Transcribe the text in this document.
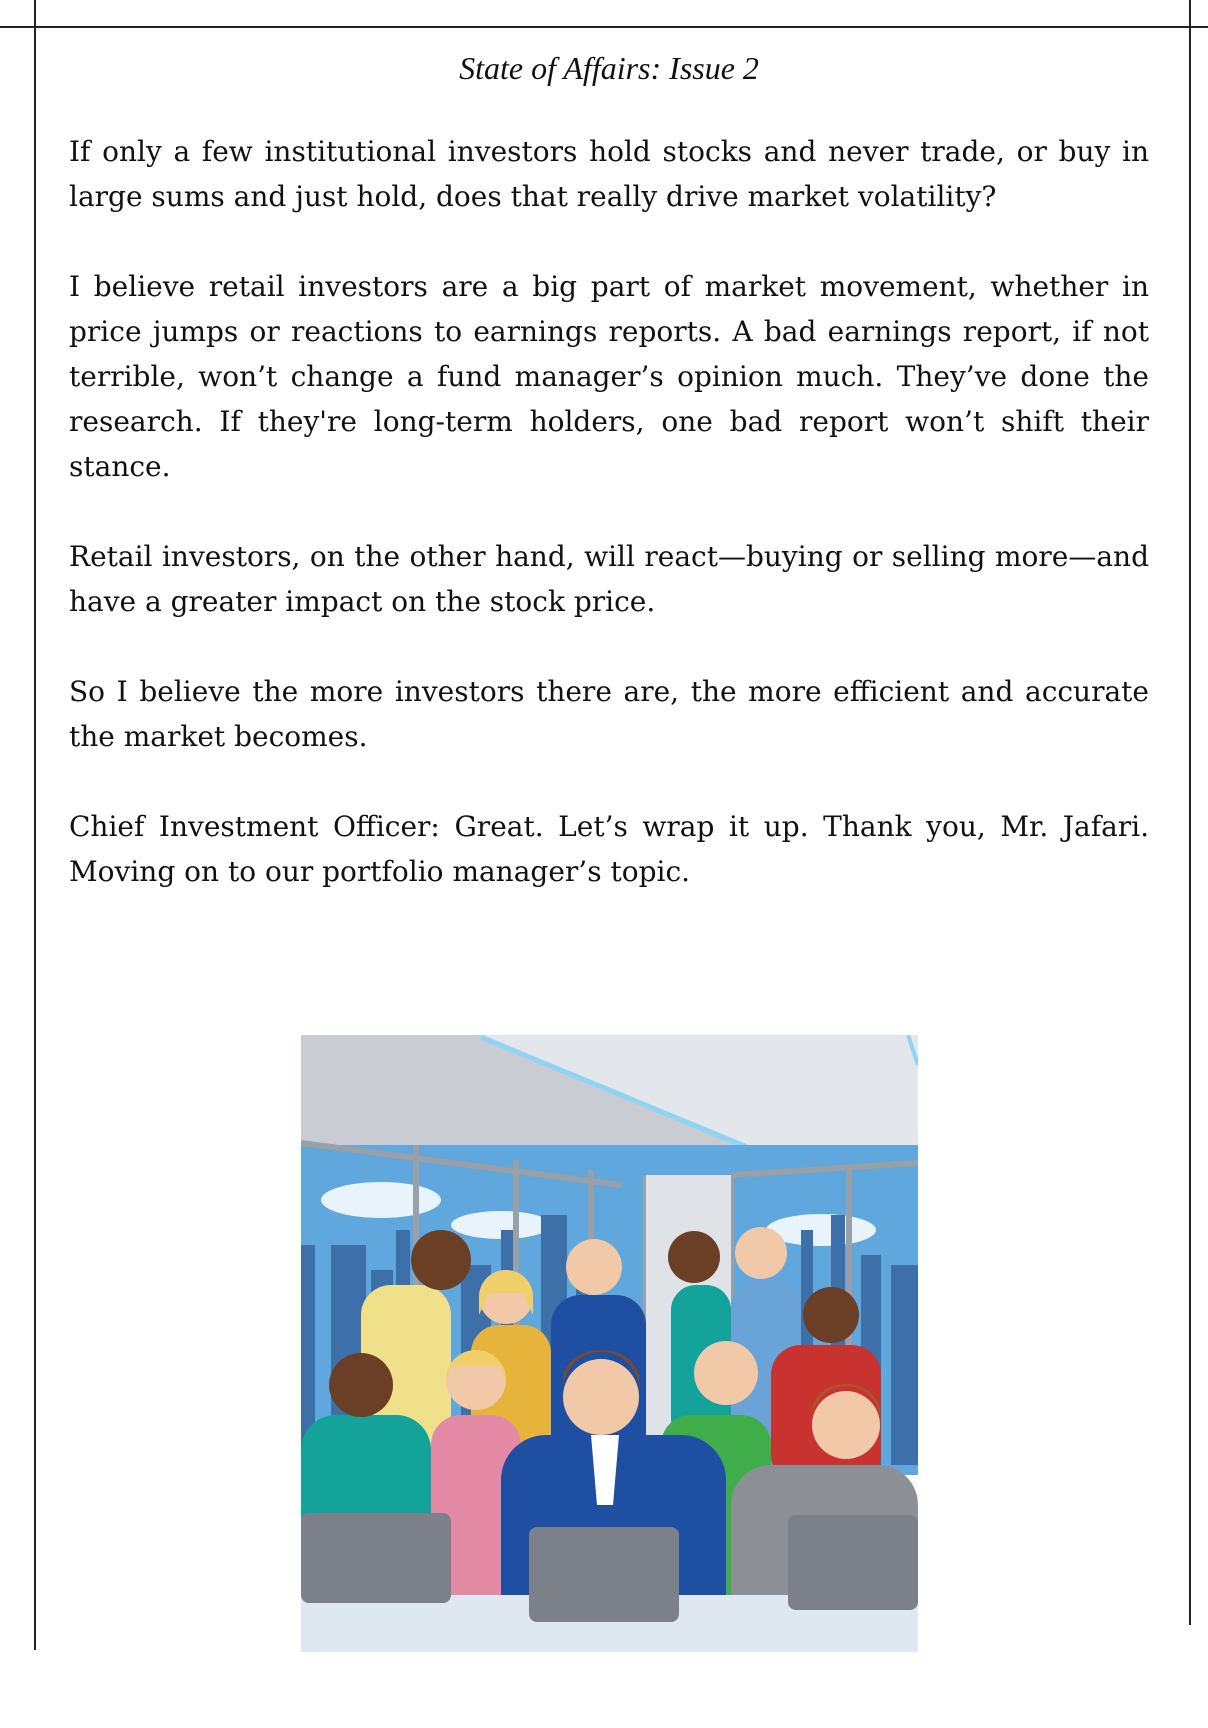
State of Affairs: Issue 2

If only a few institutional investors hold stocks and never trade, or buy in large sums and just hold, does that really drive market volatility?

I believe retail investors are a big part of market movement, whether in price jumps or reactions to earnings reports. A bad earnings report, if not terrible, won’t change a fund manager’s opinion much. They’ve done the research. If they're long-term holders, one bad report won’t shift their stance.

Retail investors, on the other hand, will react—buying or selling more—and have a greater impact on the stock price.

So I believe the more investors there are, the more efficient and accurate the market becomes.

Chief Investment Officer: Great. Let’s wrap it up. Thank you, Mr. Jafari. Moving on to our portfolio manager’s topic.
